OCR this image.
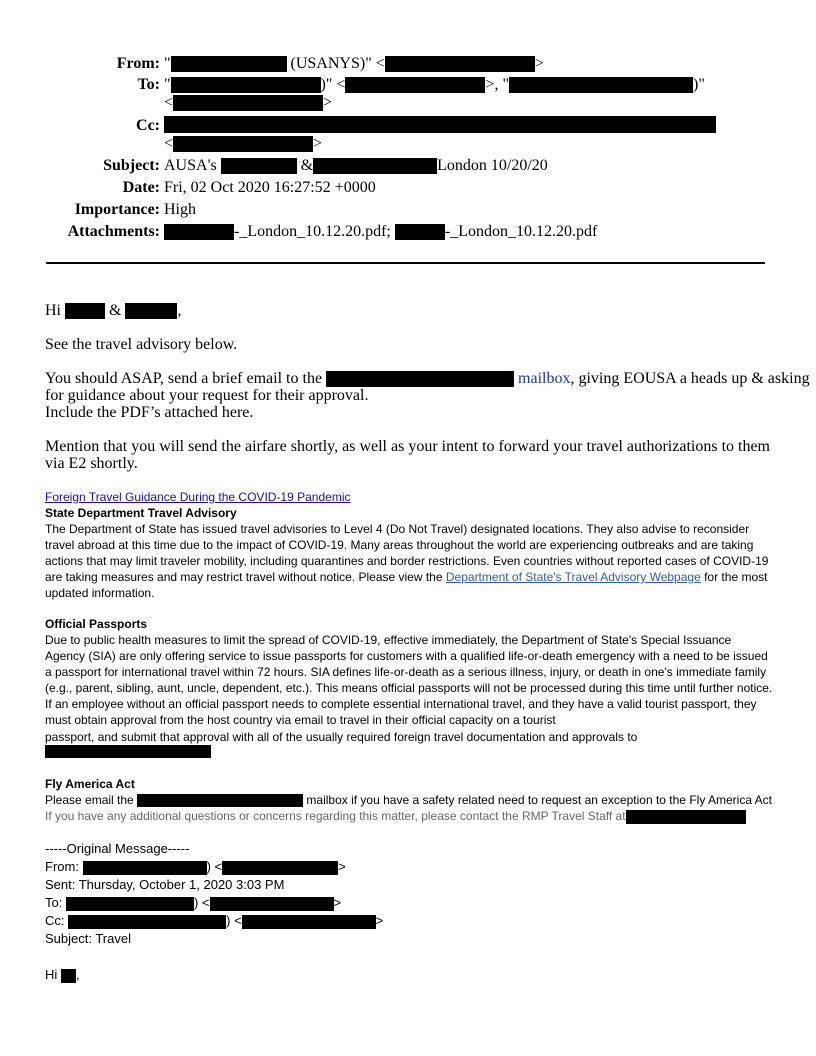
From: "	(USANYS)" <	>
To: "	)" <	>, "	)"
<	>
Cc:
<	>
Subject: AUSA's	&	London 10/20/20
Date: Fri, 02 Oct 2020 16:27:52 +0000
Importance: High
Attachments:	-_London_10.12.20.pdf;	-_London_10.12.20.pdf
Hi	&	,
See the travel advisory below.
You should ASAP, send a brief email to the	mailbox, giving EOUSA a heads up & asking
for guidance about your request for their approval.
Include the PDF’s attached here.
Mention that you will send the airfare shortly, as well as your intent to forward your travel authorizations to them via E2 shortly.
Foreign Travel Guidance During the COVID-19 Pandemic
State Department Travel Advisory
The Department of State has issued travel advisories to Level 4 (Do Not Travel) designated locations. They also advise to reconsider travel abroad at this time due to the impact of COVID-19. Many areas throughout the world are experiencing outbreaks and are taking actions that may limit traveler mobility, including quarantines and border restrictions. Even countries without reported cases of COVID-19 are taking measures and may restrict travel without notice. Please view the Department of State's Travel Advisory Webpage for the most updated information.
Official Passports
Due to public health measures to limit the spread of COVID-19, effective immediately, the Department of State's Special Issuance Agency (SIA) are only offering service to issue passports for customers with a qualified life-or-death emergency with a need to be issued a passport for international travel within 72 hours. SIA defines life-or-death as a serious illness, injury, or death in one's immediate family (e.g., parent, sibling, aunt, uncle, dependent, etc.). This means official passports will not be processed during this time until further notice. If an employee without an official passport needs to complete essential international travel, and they have a valid tourist passport, they must obtain approval from the host country via email to travel in their official capacity on a tourist
passport, and submit that approval with all of the usually required foreign travel documentation and approvals to
Fly America Act
Please email the	mailbox if you have a safety related need to request an exception to the Fly America Act
If you have any additional questions or concerns regarding this matter, please contact the RMP Travel Staff at
-----Original Message-----
From:	) <	>
Sent: Thursday, October 1, 2020 3:03 PM
To:	) <	>
Cc:	) <	>
Subject: Travel
Hi ,
